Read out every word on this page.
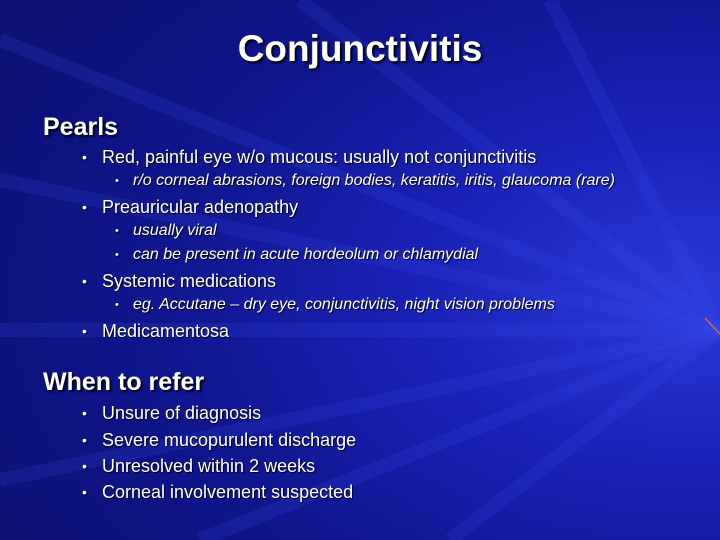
Conjunctivitis
Pearls
• Red, painful eye w/o mucous: usually not conjunctivitis
• r/o corneal abrasions, foreign bodies, keratitis, iritis, glaucoma (rare)
• Preauricular adenopathy
• usually viral
• can be present in acute hordeolum or chlamydial
• Systemic medications
• eg. Accutane – dry eye, conjunctivitis, night vision problems
• Medicamentosa
When to refer
• Unsure of diagnosis
• Severe mucopurulent discharge
• Unresolved within 2 weeks
• Corneal involvement suspected
